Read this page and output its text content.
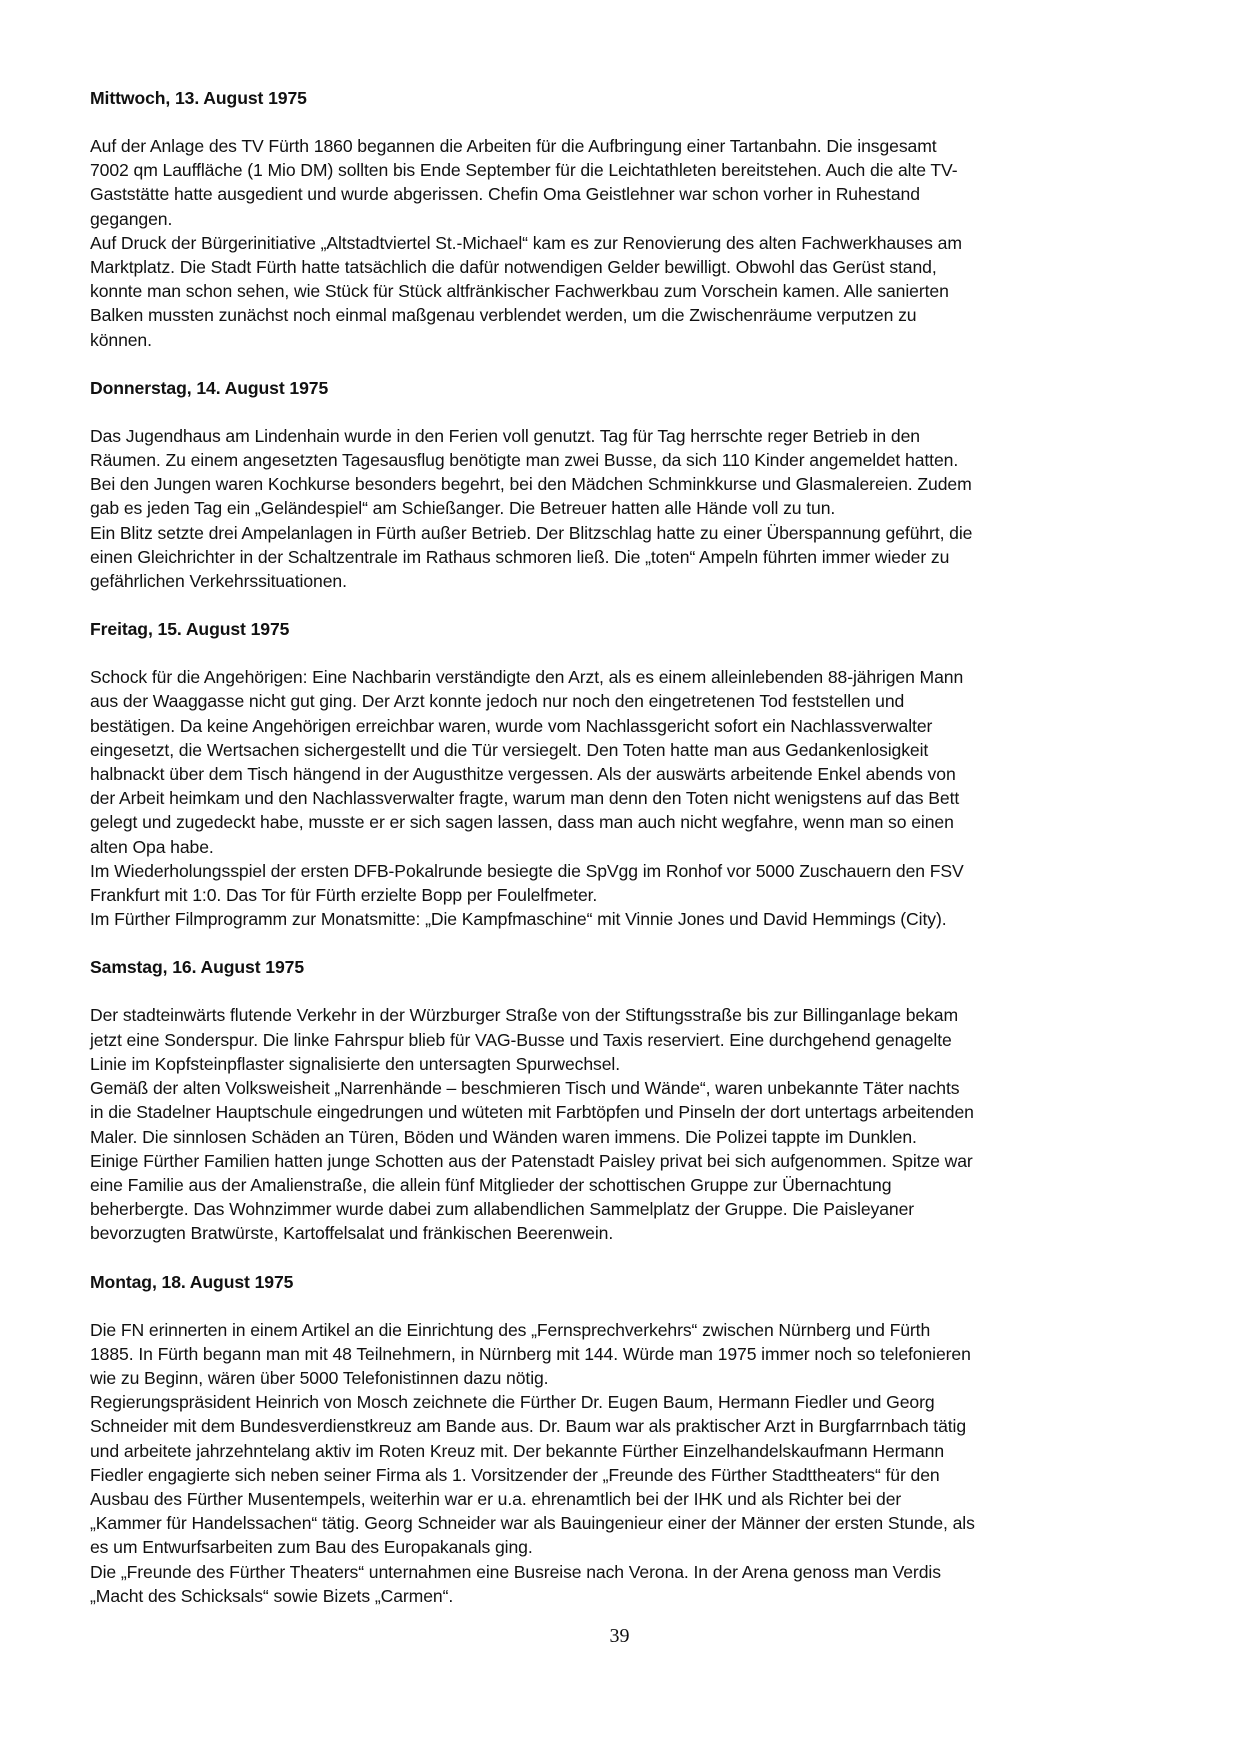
Mittwoch, 13. August 1975

Auf der Anlage des TV Fürth 1860 begannen die Arbeiten für die Aufbringung einer Tartanbahn. Die insgesamt
7002 qm Lauffläche (1 Mio DM) sollten bis Ende September für die Leichtathleten bereitstehen. Auch die alte TV-
Gaststätte hatte ausgedient und wurde abgerissen. Chefin Oma Geistlehner war schon vorher in Ruhestand
gegangen.

Auf Druck der Bürgerinitiative „Altstadtviertel St.-Michael“ kam es zur Renovierung des alten Fachwerkhauses am
Marktplatz. Die Stadt Fürth hatte tatsächlich die dafür notwendigen Gelder bewilligt. Obwohl das Gerüst stand,
konnte man schon sehen, wie Stück für Stück altfränkischer Fachwerkbau zum Vorschein kamen. Alle sanierten
Balken mussten zunächst noch einmal maßgenau verblendet werden, um die Zwischenräume verputzen zu
können.

Donnerstag, 14. August 1975

Das Jugendhaus am Lindenhain wurde in den Ferien voll genutzt. Tag für Tag herrschte reger Betrieb in den
Räumen. Zu einem angesetzten Tagesausflug benötigte man zwei Busse, da sich 110 Kinder angemeldet hatten.
Bei den Jungen waren Kochkurse besonders begehrt, bei den Mädchen Schminkkurse und Glasmalereien. Zudem
gab es jeden Tag ein „Geländespiel“ am Schießanger. Die Betreuer hatten alle Hände voll zu tun.

Ein Blitz setzte drei Ampelanlagen in Fürth außer Betrieb. Der Blitzschlag hatte zu einer Überspannung geführt, die
einen Gleichrichter in der Schaltzentrale im Rathaus schmoren ließ. Die „toten“ Ampeln führten immer wieder zu
gefährlichen Verkehrssituationen.

Freitag, 15. August 1975

Schock für die Angehörigen: Eine Nachbarin verständigte den Arzt, als es einem alleinlebenden 88-jährigen Mann
aus der Waaggasse nicht gut ging. Der Arzt konnte jedoch nur noch den eingetretenen Tod feststellen und
bestätigen. Da keine Angehörigen erreichbar waren, wurde vom Nachlassgericht sofort ein Nachlassverwalter
eingesetzt, die Wertsachen sichergestellt und die Tür versiegelt. Den Toten hatte man aus Gedankenlosigkeit
halbnackt über dem Tisch hängend in der Augusthitze vergessen. Als der auswärts arbeitende Enkel abends von
der Arbeit heimkam und den Nachlassverwalter fragte, warum man denn den Toten nicht wenigstens auf das Bett
gelegt und zugedeckt habe, musste er er sich sagen lassen, dass man auch nicht wegfahre, wenn man so einen
alten Opa habe.

Im Wiederholungsspiel der ersten DFB-Pokalrunde besiegte die SpVgg im Ronhof vor 5000 Zuschauern den FSV
Frankfurt mit 1:0. Das Tor für Fürth erzielte Bopp per Foulelfmeter.

Im Fürther Filmprogramm zur Monatsmitte: „Die Kampfmaschine“ mit Vinnie Jones und David Hemmings (City).

Samstag, 16. August 1975

Der stadteinwärts flutende Verkehr in der Würzburger Straße von der Stiftungsstraße bis zur Billinganlage bekam
jetzt eine Sonderspur. Die linke Fahrspur blieb für VAG-Busse und Taxis reserviert. Eine durchgehend genagelte
Linie im Kopfsteinpflaster signalisierte den untersagten Spurwechsel.

Gemäß der alten Volksweisheit „Narrenhände – beschmieren Tisch und Wände“, waren unbekannte Täter nachts
in die Stadelner Hauptschule eingedrungen und wüteten mit Farbtöpfen und Pinseln der dort untertags arbeitenden
Maler. Die sinnlosen Schäden an Türen, Böden und Wänden waren immens. Die Polizei tappte im Dunklen.

Einige Fürther Familien hatten junge Schotten aus der Patenstadt Paisley privat bei sich aufgenommen. Spitze war
eine Familie aus der Amalienstraße, die allein fünf Mitglieder der schottischen Gruppe zur Übernachtung
beherbergte. Das Wohnzimmer wurde dabei zum allabendlichen Sammelplatz der Gruppe. Die Paisleyaner
bevorzugten Bratwürste, Kartoffelsalat und fränkischen Beerenwein.

Montag, 18. August 1975

Die FN erinnerten in einem Artikel an die Einrichtung des „Fernsprechverkehrs“ zwischen Nürnberg und Fürth
1885. In Fürth begann man mit 48 Teilnehmern, in Nürnberg mit 144. Würde man 1975 immer noch so telefonieren
wie zu Beginn, wären über 5000 Telefonistinnen dazu nötig.

Regierungspräsident Heinrich von Mosch zeichnete die Fürther Dr. Eugen Baum, Hermann Fiedler und Georg
Schneider mit dem Bundesverdienstkreuz am Bande aus. Dr. Baum war als praktischer Arzt in Burgfarrnbach tätig
und arbeitete jahrzehntelang aktiv im Roten Kreuz mit. Der bekannte Fürther Einzelhandelskaufmann Hermann
Fiedler engagierte sich neben seiner Firma als 1. Vorsitzender der „Freunde des Fürther Stadttheaters“ für den
Ausbau des Fürther Musentempels, weiterhin war er u.a. ehrenamtlich bei der IHK und als Richter bei der
„Kammer für Handelssachen“ tätig. Georg Schneider war als Bauingenieur einer der Männer der ersten Stunde, als
es um Entwurfsarbeiten zum Bau des Europakanals ging.

Die „Freunde des Fürther Theaters“ unternahmen eine Busreise nach Verona. In der Arena genoss man Verdis
„Macht des Schicksals“ sowie Bizets „Carmen“.

39
